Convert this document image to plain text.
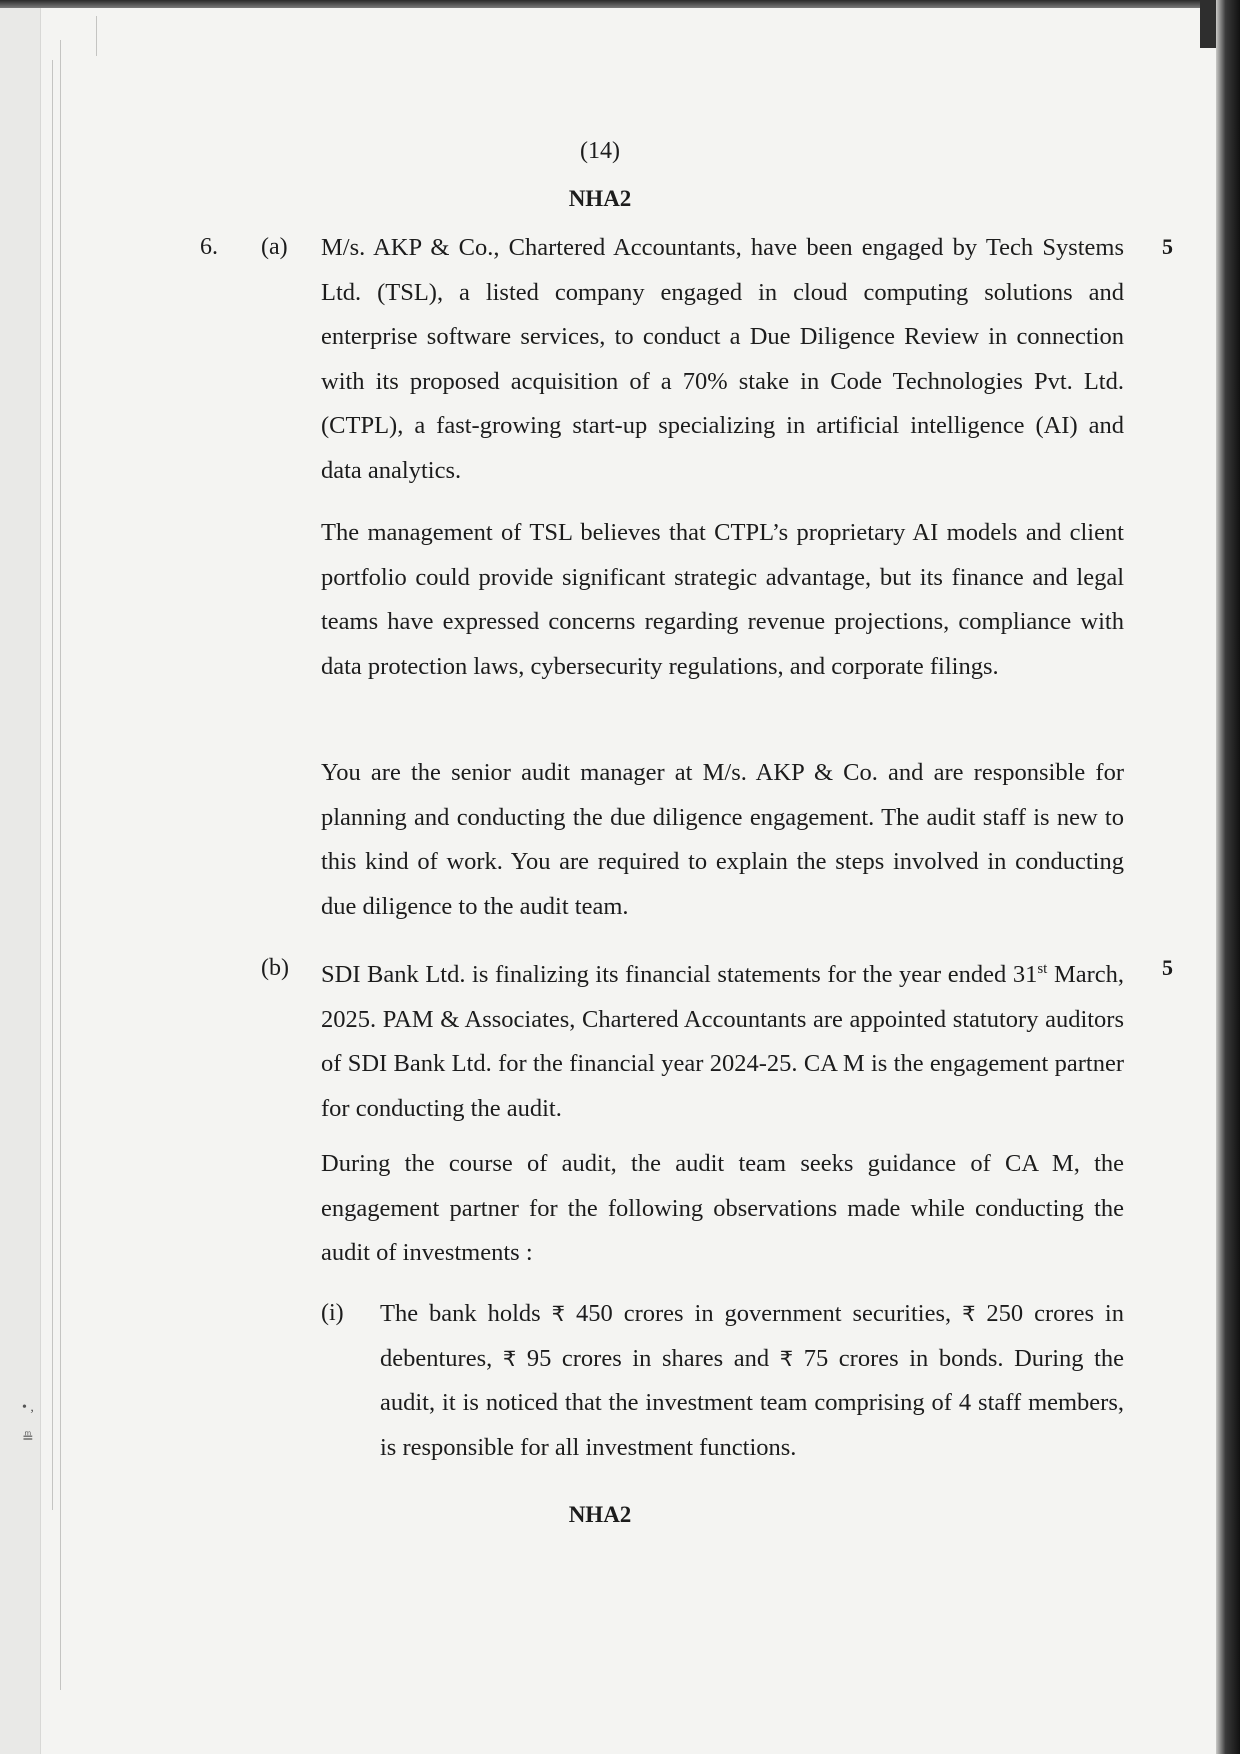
• ,
≞
(14)
NHA2
6. (a)	5

M/s. AKP & Co., Chartered Accountants, have been engaged by Tech Systems Ltd. (TSL), a listed company engaged in cloud computing solutions and enterprise software services, to conduct a Due Diligence Review in connection with its proposed acquisition of a 70% stake in Code Technologies Pvt. Ltd. (CTPL), a fast-growing start-up specializing in artificial intelligence (AI) and data analytics.

The management of TSL believes that CTPL’s proprietary AI models and client portfolio could provide significant strategic advantage, but its finance and legal teams have expressed concerns regarding revenue projections, compliance with data protection laws, cybersecurity regulations, and corporate filings.

You are the senior audit manager at M/s. AKP & Co. and are responsible for planning and conducting the due diligence engagement. The audit staff is new to this kind of work. You are required to explain the steps involved in conducting due diligence to the audit team.

(b)	5

SDI Bank Ltd. is finalizing its financial statements for the year ended 31st March, 2025. PAM & Associates, Chartered Accountants are appointed statutory auditors of SDI Bank Ltd. for the financial year 2024-25. CA M is the engagement partner for conducting the audit.

During the course of audit, the audit team seeks guidance of CA M, the engagement partner for the following observations made while conducting the audit of investments :

(i) The bank holds ₹ 450 crores in government securities, ₹ 250 crores in debentures, ₹ 95 crores in shares and ₹ 75 crores in bonds. During the audit, it is noticed that the investment team comprising of 4 staff members, is responsible for all investment functions.

NHA2
